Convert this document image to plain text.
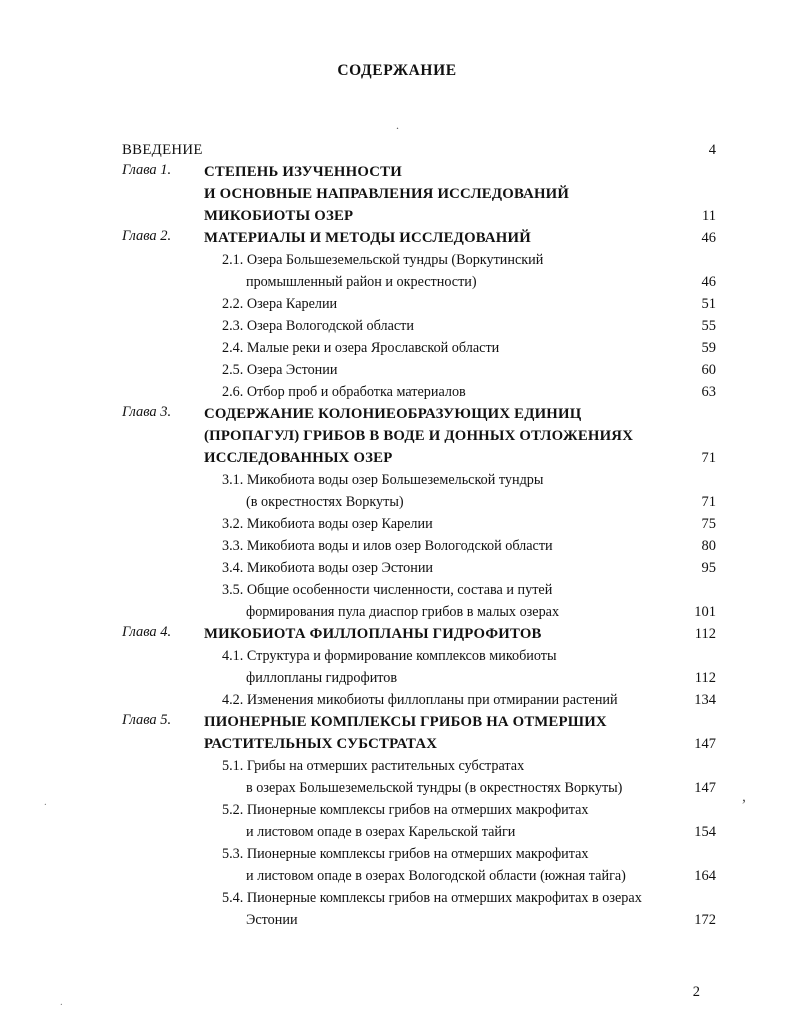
СОДЕРЖАНИЕ
.
,
.
.
ВВЕДЕНИЕ	4
Глава 1.	СТЕПЕНЬ ИЗУЧЕННОСТИ
И ОСНОВНЫЕ НАПРАВЛЕНИЯ ИССЛЕДОВАНИЙ
МИКОБИОТЫ ОЗЕР	11
Глава 2.	МАТЕРИАЛЫ И МЕТОДЫ ИССЛЕДОВАНИЙ	46
2.1. Озера Большеземельской тундры (Воркутинский
промышленный район и окрестности)	46
2.2. Озера Карелии	51
2.3. Озера Вологодской области	55
2.4. Малые реки и озера Ярославской области	59
2.5. Озера Эстонии	60
2.6. Отбор проб и обработка материалов	63
Глава 3.	СОДЕРЖАНИЕ КОЛОНИЕОБРАЗУЮЩИХ ЕДИНИЦ
(ПРОПАГУЛ) ГРИБОВ В ВОДЕ И ДОННЫХ ОТЛОЖЕНИЯХ
ИССЛЕДОВАННЫХ ОЗЕР	71
3.1. Микобиота воды озер Большеземельской тундры
(в окрестностях Воркуты)	71
3.2. Микобиота воды озер Карелии	75
3.3. Микобиота воды и илов озер Вологодской области	80
3.4. Микобиота воды озер Эстонии	95
3.5. Общие особенности численности, состава и путей
формирования пула диаспор грибов в малых озерах	101
Глава 4.	МИКОБИОТА ФИЛЛОПЛАНЫ ГИДРОФИТОВ	112
4.1. Структура и формирование комплексов микобиоты
филлопланы гидрофитов	112
4.2. Изменения микобиоты филлопланы при отмирании растений	134
Глава 5.	ПИОНЕРНЫЕ КОМПЛЕКСЫ ГРИБОВ НА ОТМЕРШИХ
РАСТИТЕЛЬНЫХ СУБСТРАТАХ	147
5.1. Грибы на отмерших растительных субстратах
в озерах Большеземельской тундры (в окрестностях Воркуты)	147
5.2. Пионерные комплексы грибов на отмерших макрофитах
и листовом опаде в озерах Карельской тайги	154
5.3. Пионерные комплексы грибов на отмерших макрофитах
и листовом опаде в озерах Вологодской области (южная тайга)	164
5.4. Пионерные комплексы грибов на отмерших макрофитах в озерах
Эстонии	172
2
